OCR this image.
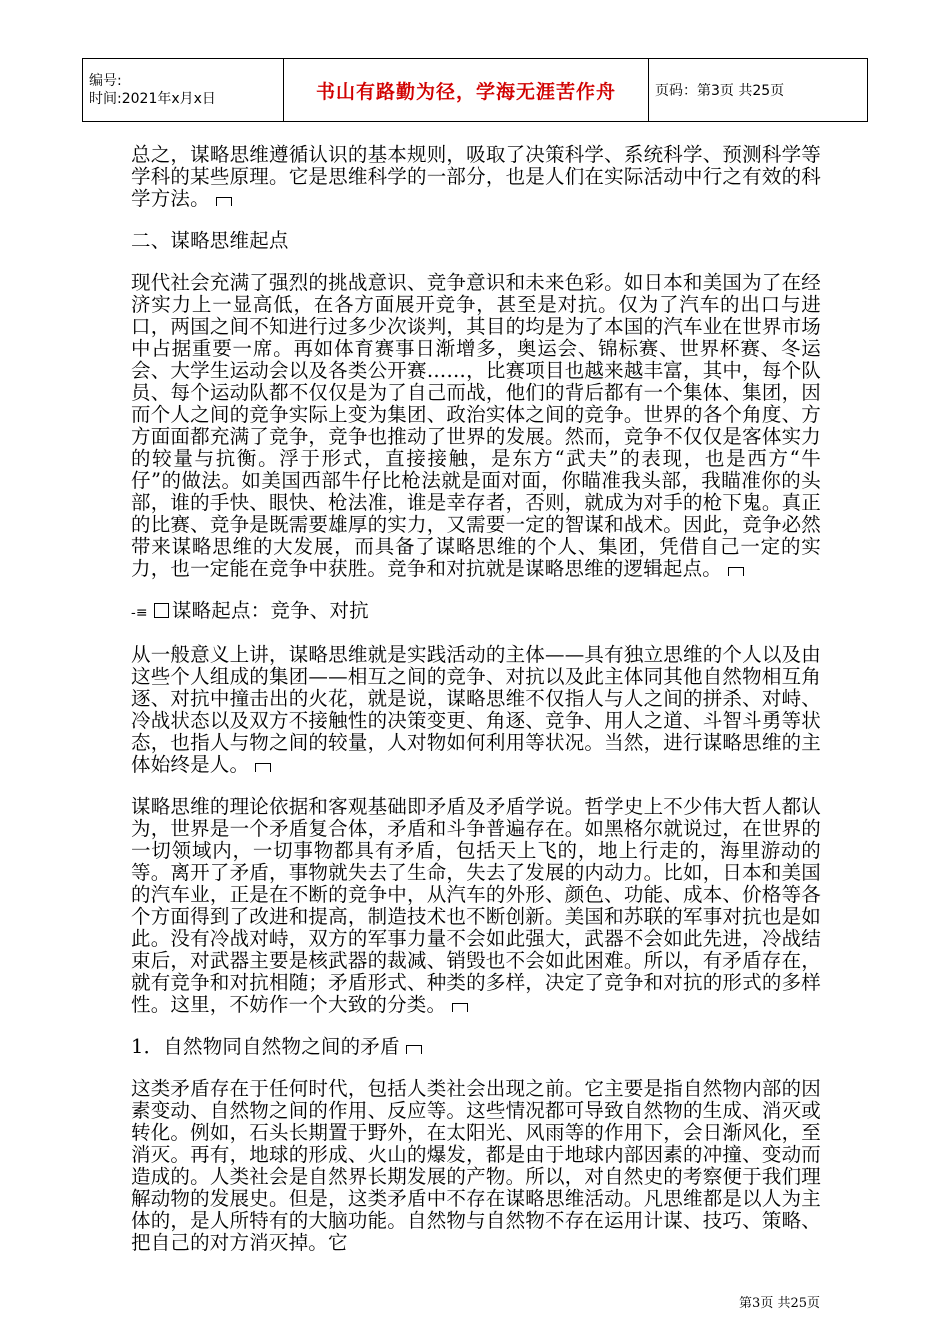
编号:
时间:2021年x月x日	书山有路勤为径，学海无涯苦作舟	页码：第3页 共25页

总之，谋略思维遵循认识的基本规则，吸取了决策科学、系统科学、预测科学等学科的某些原理。它是思维科学的一部分，也是人们在实际活动中行之有效的科学方法。

二、谋略思维起点

现代社会充满了强烈的挑战意识、竞争意识和未来色彩。如日本和美国为了在经济实力上一显高低，在各方面展开竞争，甚至是对抗。仅为了汽车的出口与进口，两国之间不知进行过多少次谈判，其目的均是为了本国的汽车业在世界市场中占据重要一席。再如体育赛事日渐增多，奥运会、锦标赛、世界杯赛、冬运会、大学生运动会以及各类公开赛……，比赛项目也越来越丰富，其中，每个队员、每个运动队都不仅仅是为了自己而战，他们的背后都有一个集体、集团，因而个人之间的竞争实际上变为集团、政治实体之间的竞争。世界的各个角度、方方面面都充满了竞争，竞争也推动了世界的发展。然而，竞争不仅仅是客体实力的较量与抗衡。浮于形式，直接接触，是东方“武夫”的表现，也是西方“牛仔”的做法。如美国西部牛仔比枪法就是面对面，你瞄准我头部，我瞄准你的头部，谁的手快、眼快、枪法准，谁是幸存者，否则，就成为对手的枪下鬼。真正的比赛、竞争是既需要雄厚的实力，又需要一定的智谋和战术。因此，竞争必然带来谋略思维的大发展，而具备了谋略思维的个人、集团，凭借自己一定的实力，也一定能在竞争中获胜。竞争和对抗就是谋略思维的逻辑起点。

-≡ 谋略起点：竞争、对抗

从一般意义上讲，谋略思维就是实践活动的主体——具有独立思维的个人以及由这些个人组成的集团——相互之间的竞争、对抗以及此主体同其他自然物相互角逐、对抗中撞击出的火花，就是说，谋略思维不仅指人与人之间的拼杀、对峙、冷战状态以及双方不接触性的决策变更、角逐、竞争、用人之道、斗智斗勇等状态，也指人与物之间的较量，人对物如何利用等状况。当然，进行谋略思维的主体始终是人。

谋略思维的理论依据和客观基础即矛盾及矛盾学说。哲学史上不少伟大哲人都认为，世界是一个矛盾复合体，矛盾和斗争普遍存在。如黑格尔就说过，在世界的一切领域内，一切事物都具有矛盾，包括天上飞的，地上行走的，海里游动的等。离开了矛盾，事物就失去了生命，失去了发展的内动力。比如，日本和美国的汽车业，正是在不断的竞争中，从汽车的外形、颜色、功能、成本、价格等各个方面得到了改进和提高，制造技术也不断创新。美国和苏联的军事对抗也是如此。没有冷战对峙，双方的军事力量不会如此强大，武器不会如此先进，冷战结束后，对武器主要是核武器的裁减、销毁也不会如此困难。所以，有矛盾存在，就有竞争和对抗相随；矛盾形式、种类的多样，决定了竞争和对抗的形式的多样性。这里，不妨作一个大致的分类。

1．自然物同自然物之间的矛盾

这类矛盾存在于任何时代，包括人类社会出现之前。它主要是指自然物内部的因素变动、自然物之间的作用、反应等。这些情况都可导致自然物的生成、消灭或转化。例如，石头长期置于野外，在太阳光、风雨等的作用下，会日渐风化，至消灭。再有，地球的形成、火山的爆发，都是由于地球内部因素的冲撞、变动而造成的。人类社会是自然界长期发展的产物。所以，对自然史的考察便于我们理解动物的发展史。但是，这类矛盾中不存在谋略思维活动。凡思维都是以人为主体的，是人所特有的大脑功能。自然物与自然物不存在运用计谋、技巧、策略、把自己的对方消灭掉。它

第3页 共25页
